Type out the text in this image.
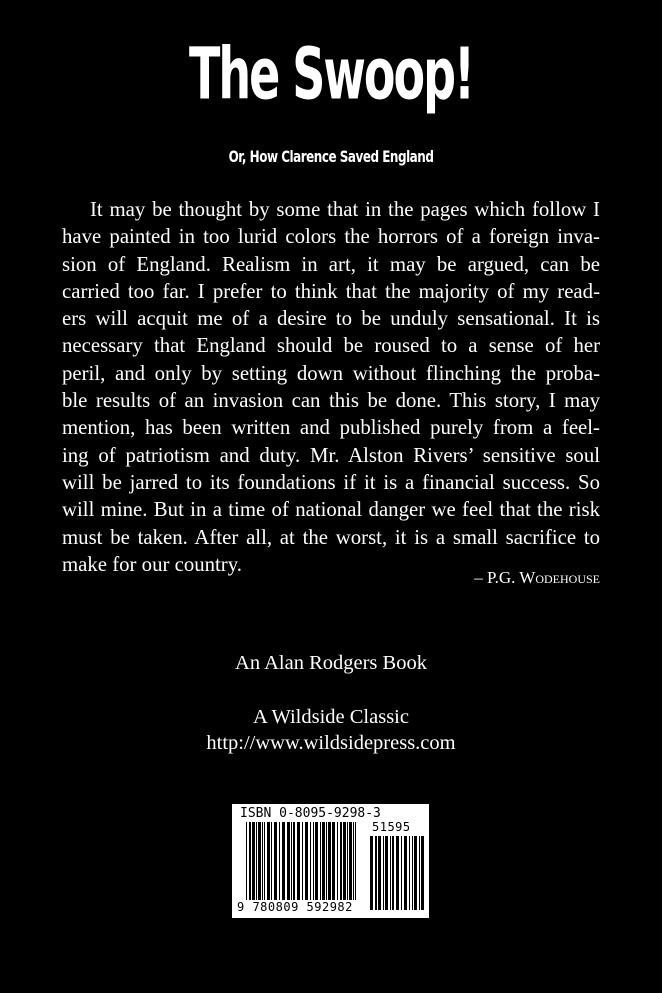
The Swoop!
Or, How Clarence Saved England
It may be thought by some that in the pages which follow I
have painted in too lurid colors the horrors of a foreign inva-
sion of England. Realism in art, it may be argued, can be
carried too far. I prefer to think that the majority of my read-
ers will acquit me of a desire to be unduly sensational. It is
necessary that England should be roused to a sense of her
peril, and only by setting down without flinching the proba-
ble results of an invasion can this be done. This story, I may
mention, has been written and published purely from a feel-
ing of patriotism and duty. Mr. Alston Rivers’ sensitive soul
will be jarred to its foundations if it is a financial success. So
will mine. But in a time of national danger we feel that the risk
must be taken. After all, at the worst, it is a small sacrifice to
make for our country.
– P.G. Wodehouse
An Alan Rodgers Book
A Wildside Classic
http://www.wildsidepress.com
ISBN 0-8095-9298-3
51595
9 780809 592982
